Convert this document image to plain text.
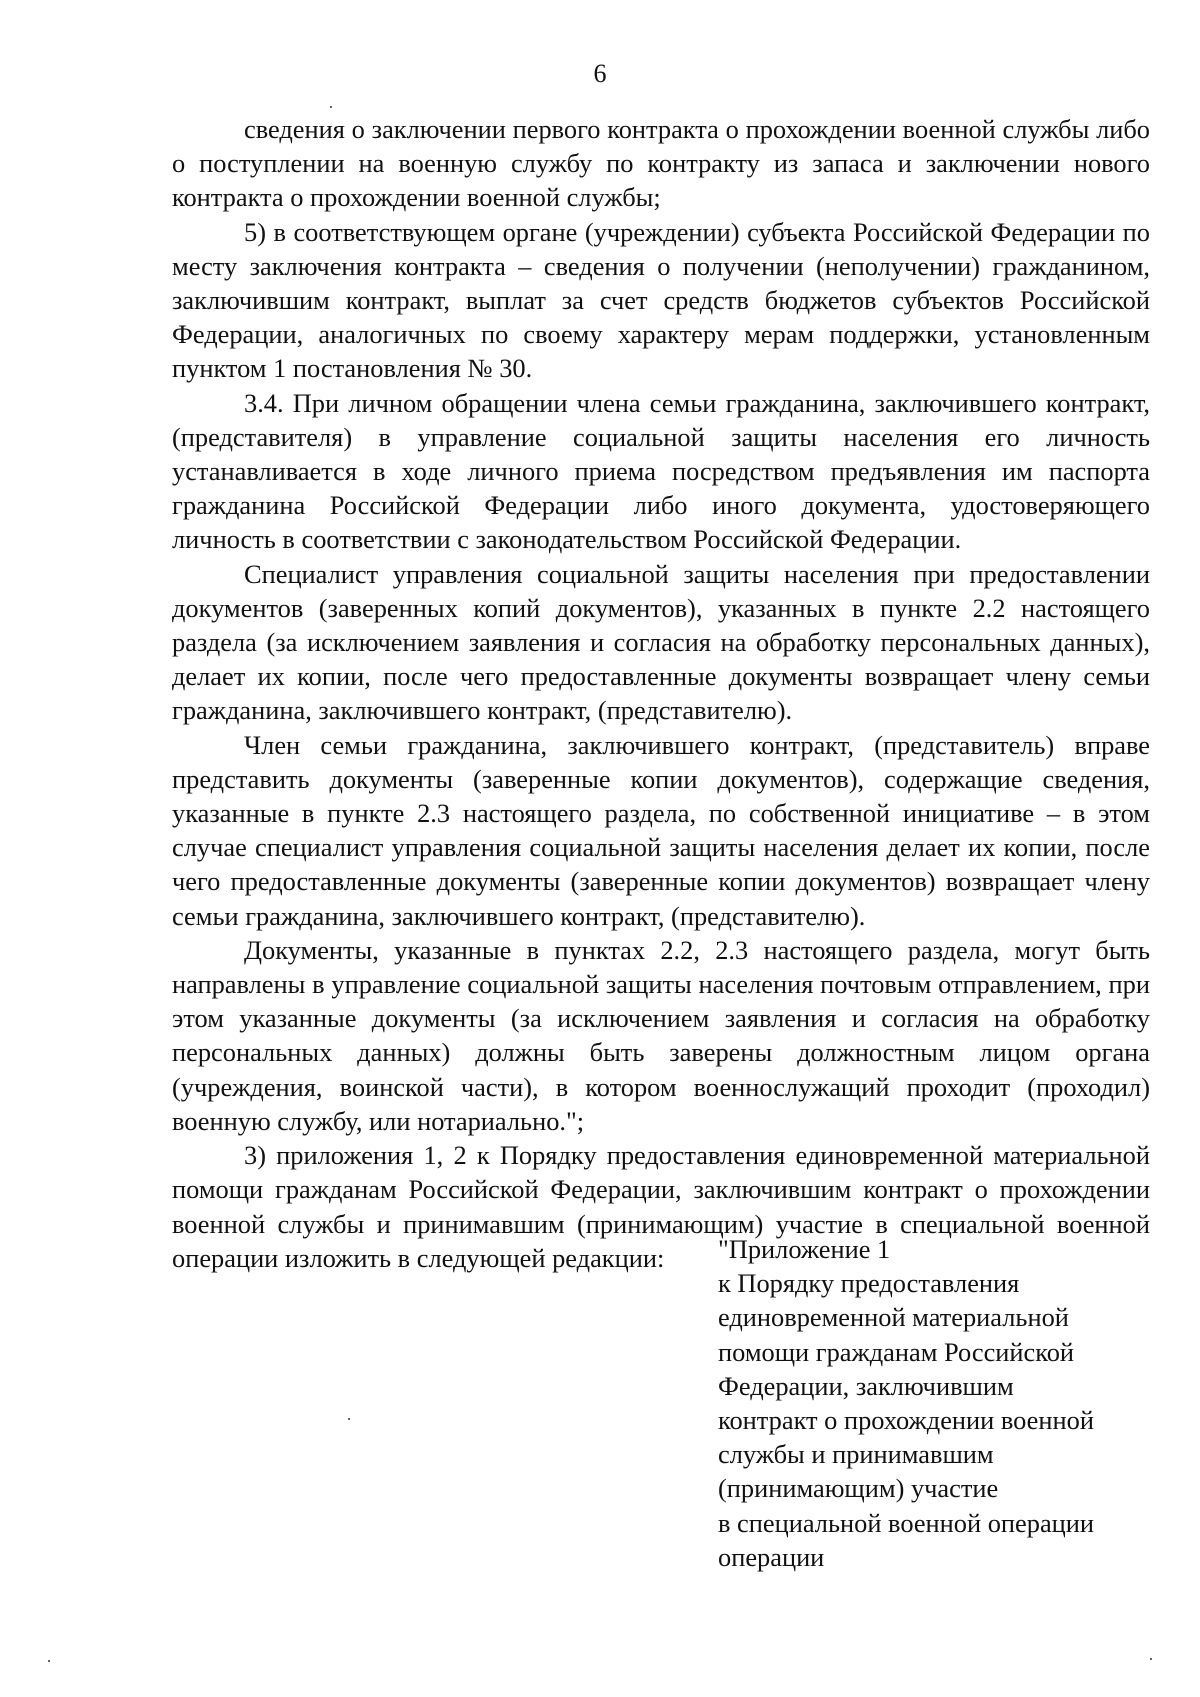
6

сведения о заключении первого контракта о прохождении военной службы либо о поступлении на военную службу по контракту из запаса и заключении нового контракта о прохождении военной службы;

5) в соответствующем органе (учреждении) субъекта Российской Федерации по месту заключения контракта – сведения о получении (неполучении) гражданином, заключившим контракт, выплат за счет средств бюджетов субъектов Российской Федерации, аналогичных по своему характеру мерам поддержки, установленным пунктом 1 постановления № 30.

3.4. При личном обращении члена семьи гражданина, заключившего контракт, (представителя) в управление социальной защиты населения его личность устанавливается в ходе личного приема посредством предъявления им паспорта гражданина Российской Федерации либо иного документа, удостоверяющего личность в соответствии с законодательством Российской Федерации.

Специалист управления социальной защиты населения при предоставлении документов (заверенных копий документов), указанных в пункте 2.2 настоящего раздела (за исключением заявления и согласия на обработку персональных данных), делает их копии, после чего предоставленные документы возвращает члену семьи гражданина, заключившего контракт, (представителю).

Член семьи гражданина, заключившего контракт, (представитель) вправе представить документы (заверенные копии документов), содержащие сведения, указанные в пункте 2.3 настоящего раздела, по собственной инициативе – в этом случае специалист управления социальной защиты населения делает их копии, после чего предоставленные документы (заверенные копии документов) возвращает члену семьи гражданина, заключившего контракт, (представителю).

Документы, указанные в пунктах 2.2, 2.3 настоящего раздела, могут быть направлены в управление социальной защиты населения почтовым отправлением, при этом указанные документы (за исключением заявления и согласия на обработку персональных данных) должны быть заверены должностным лицом органа (учреждения, воинской части), в котором военнослужащий проходит (проходил) военную службу, или нотариально.";

3) приложения 1, 2 к Порядку предоставления единовременной материальной помощи гражданам Российской Федерации, заключившим контракт о прохождении военной службы и принимавшим (принимающим) участие в специальной военной операции изложить в следующей редакции:	"Приложение 1
к Порядку предоставления
единовременной материальной
помощи гражданам Российской
Федерации, заключившим
контракт о прохождении военной
службы и принимавшим
(принимающим) участие
в специальной военной операции
операции
